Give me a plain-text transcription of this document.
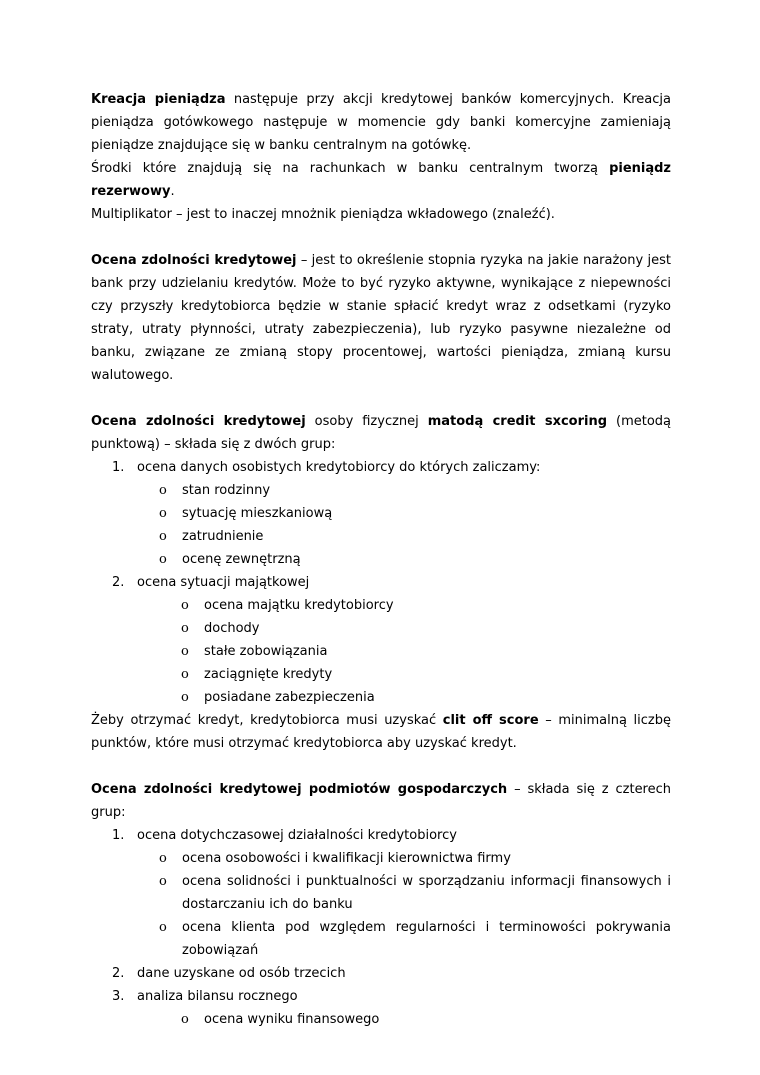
Kreacja pieniądza następuje przy akcji kredytowej banków komercyjnych. Kreacja pieniądza gotówkowego następuje w momencie gdy banki komercyjne zamieniają pieniądze znajdujące się w banku centralnym na gotówkę.

Środki które znajdują się na rachunkach w banku centralnym tworzą pieniądz rezerwowy.

Multiplikator – jest to inaczej mnożnik pieniądza wkładowego (znaleźć).

Ocena zdolności kredytowej – jest to określenie stopnia ryzyka na jakie narażony jest bank przy udzielaniu kredytów. Może to być ryzyko aktywne, wynikające z niepewności czy przyszły kredytobiorca będzie w stanie spłacić kredyt wraz z odsetkami (ryzyko straty, utraty płynności, utraty zabezpieczenia), lub ryzyko pasywne niezależne od banku, związane ze zmianą stopy procentowej, wartości pieniądza, zmianą kursu walutowego.

Ocena zdolności kredytowej osoby fizycznej matodą credit sxcoring (metodą punktową) – składa się z dwóch grup:

1. ocena danych osobistych kredytobiorcy do których zaliczamy:
o stan rodzinny
o sytuację mieszkaniową
o zatrudnienie
o ocenę zewnętrzną
2. ocena sytuacji majątkowej
o ocena majątku kredytobiorcy
o dochody
o stałe zobowiązania
o zaciągnięte kredyty
o posiadane zabezpieczenia

Żeby otrzymać kredyt, kredytobiorca musi uzyskać clit off score – minimalną liczbę punktów, które musi otrzymać kredytobiorca aby uzyskać kredyt.

Ocena zdolności kredytowej podmiotów gospodarczych – składa się z czterech grup:

1. ocena dotychczasowej działalności kredytobiorcy
o ocena osobowości i kwalifikacji kierownictwa firmy
o ocena solidności i punktualności w sporządzaniu informacji finansowych i dostarczaniu ich do banku
o ocena klienta pod względem regularności i terminowości pokrywania zobowiązań
2. dane uzyskane od osób trzecich
3. analiza bilansu rocznego
o ocena wyniku finansowego
